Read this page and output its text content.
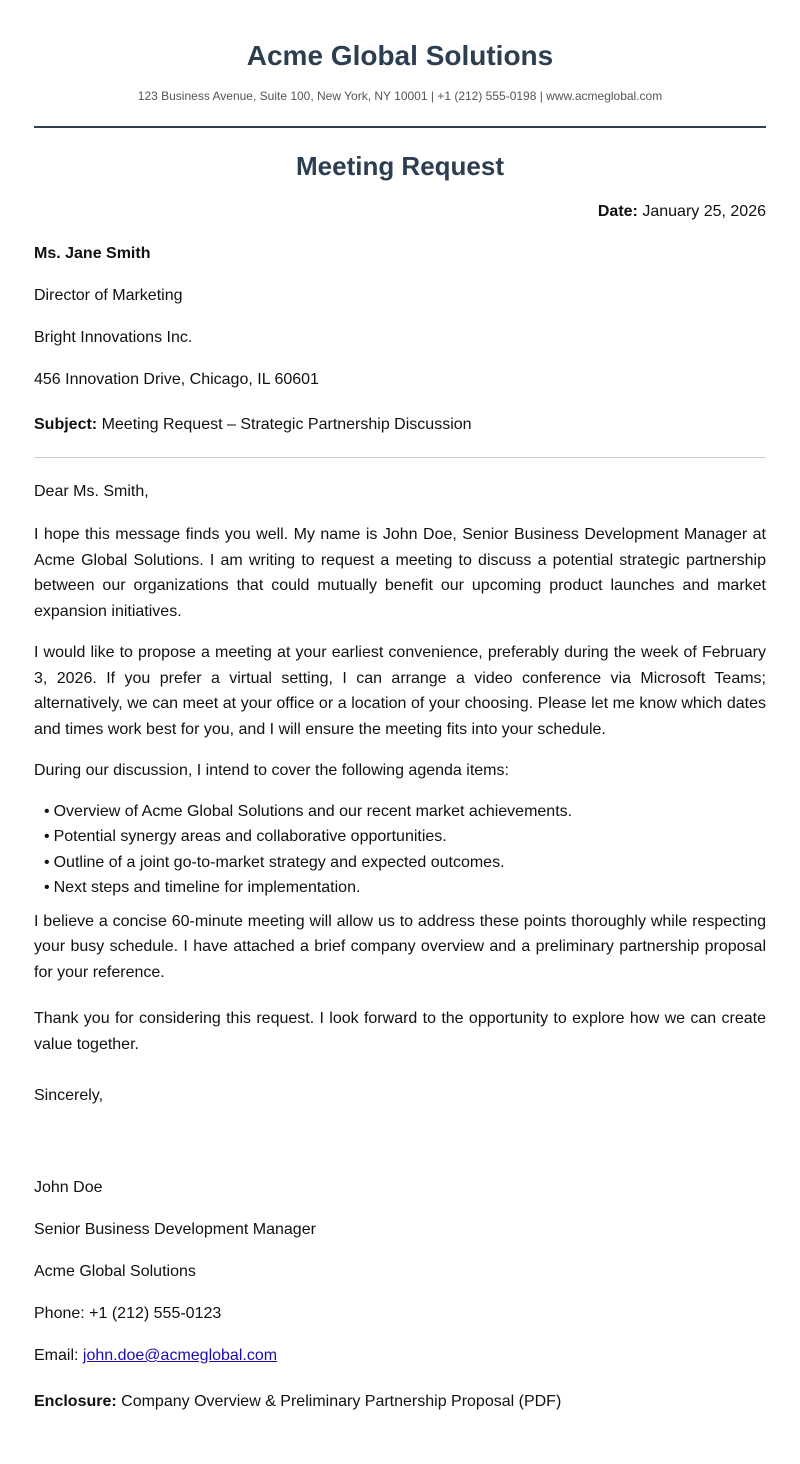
Acme Global Solutions
123 Business Avenue, Suite 100, New York, NY 10001 | +1 (212) 555-0198 | www.acmeglobal.com
Meeting Request
Date: January 25, 2026

Ms. Jane Smith

Director of Marketing

Bright Innovations Inc.

456 Innovation Drive, Chicago, IL 60601

Subject: Meeting Request – Strategic Partnership Discussion
Dear Ms. Smith,

I hope this message finds you well. My name is John Doe, Senior Business Development Manager at Acme Global Solutions. I am writing to request a meeting to discuss a potential strategic partnership between our organizations that could mutually benefit our upcoming product launches and market expansion initiatives.

I would like to propose a meeting at your earliest convenience, preferably during the week of February 3, 2026. If you prefer a virtual setting, I can arrange a video conference via Microsoft Teams; alternatively, we can meet at your office or a location of your choosing. Please let me know which dates and times work best for you, and I will ensure the meeting fits into your schedule.

During our discussion, I intend to cover the following agenda items:

• Overview of Acme Global Solutions and our recent market achievements.
• Potential synergy areas and collaborative opportunities.
• Outline of a joint go-to-market strategy and expected outcomes.
• Next steps and timeline for implementation.

I believe a concise 60-minute meeting will allow us to address these points thoroughly while respecting your busy schedule. I have attached a brief company overview and a preliminary partnership proposal for your reference.

Thank you for considering this request. I look forward to the opportunity to explore how we can create value together.

Sincerely,

John Doe

Senior Business Development Manager

Acme Global Solutions

Phone: +1 (212) 555-0123

Email: john.doe@acmeglobal.com

Enclosure: Company Overview & Preliminary Partnership Proposal (PDF)
